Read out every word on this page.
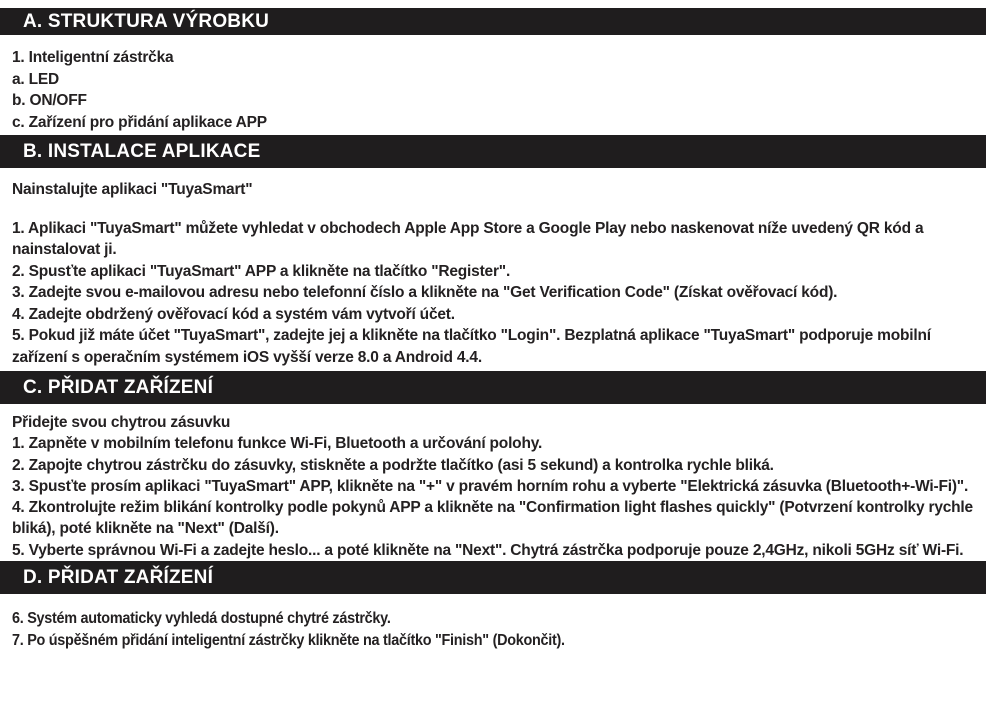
A. STRUKTURA VÝROBKU

1. Inteligentní zástrčka

a. LED

b. ON/OFF

c. Zařízení pro přidání aplikace APP

B. INSTALACE APLIKACE

Nainstalujte aplikaci "TuyaSmart"

1. Aplikaci "TuyaSmart" můžete vyhledat v obchodech Apple App Store a Google Play nebo naskenovat níže uvedený QR kód a nainstalovat ji.

2. Spusťte aplikaci "TuyaSmart" APP a klikněte na tlačítko "Register".

3. Zadejte svou e-mailovou adresu nebo telefonní číslo a klikněte na "Get Verification Code" (Získat ověřovací kód).

4. Zadejte obdržený ověřovací kód a systém vám vytvoří účet.

5. Pokud již máte účet "TuyaSmart", zadejte jej a klikněte na tlačítko "Login". Bezplatná aplikace "TuyaSmart" podporuje mobilní zařízení s operačním systémem iOS vyšší verze 8.0 a Android 4.4.

C. PŘIDAT ZAŘÍZENÍ

Přidejte svou chytrou zásuvku

1. Zapněte v mobilním telefonu funkce Wi-Fi, Bluetooth a určování polohy.

2. Zapojte chytrou zástrčku do zásuvky, stiskněte a podržte tlačítko (asi 5 sekund) a kontrolka rychle bliká.

3. Spusťte prosím aplikaci "TuyaSmart" APP, klikněte na "+" v pravém horním rohu a vyberte "Elektrická zásuvka (Bluetooth+-Wi-Fi)".

4. Zkontrolujte režim blikání kontrolky podle pokynů APP a klikněte na "Confirmation light flashes quickly" (Potvrzení kontrolky rychle bliká), poté klikněte na "Next" (Další).

5. Vyberte správnou Wi-Fi a zadejte heslo... a poté klikněte na "Next". Chytrá zástrčka podporuje pouze 2,4GHz, nikoli 5GHz síť Wi-Fi.

D. PŘIDAT ZAŘÍZENÍ

6. Systém automaticky vyhledá dostupné chytré zástrčky.

7. Po úspěšném přidání inteligentní zástrčky klikněte na tlačítko "Finish" (Dokončit).
